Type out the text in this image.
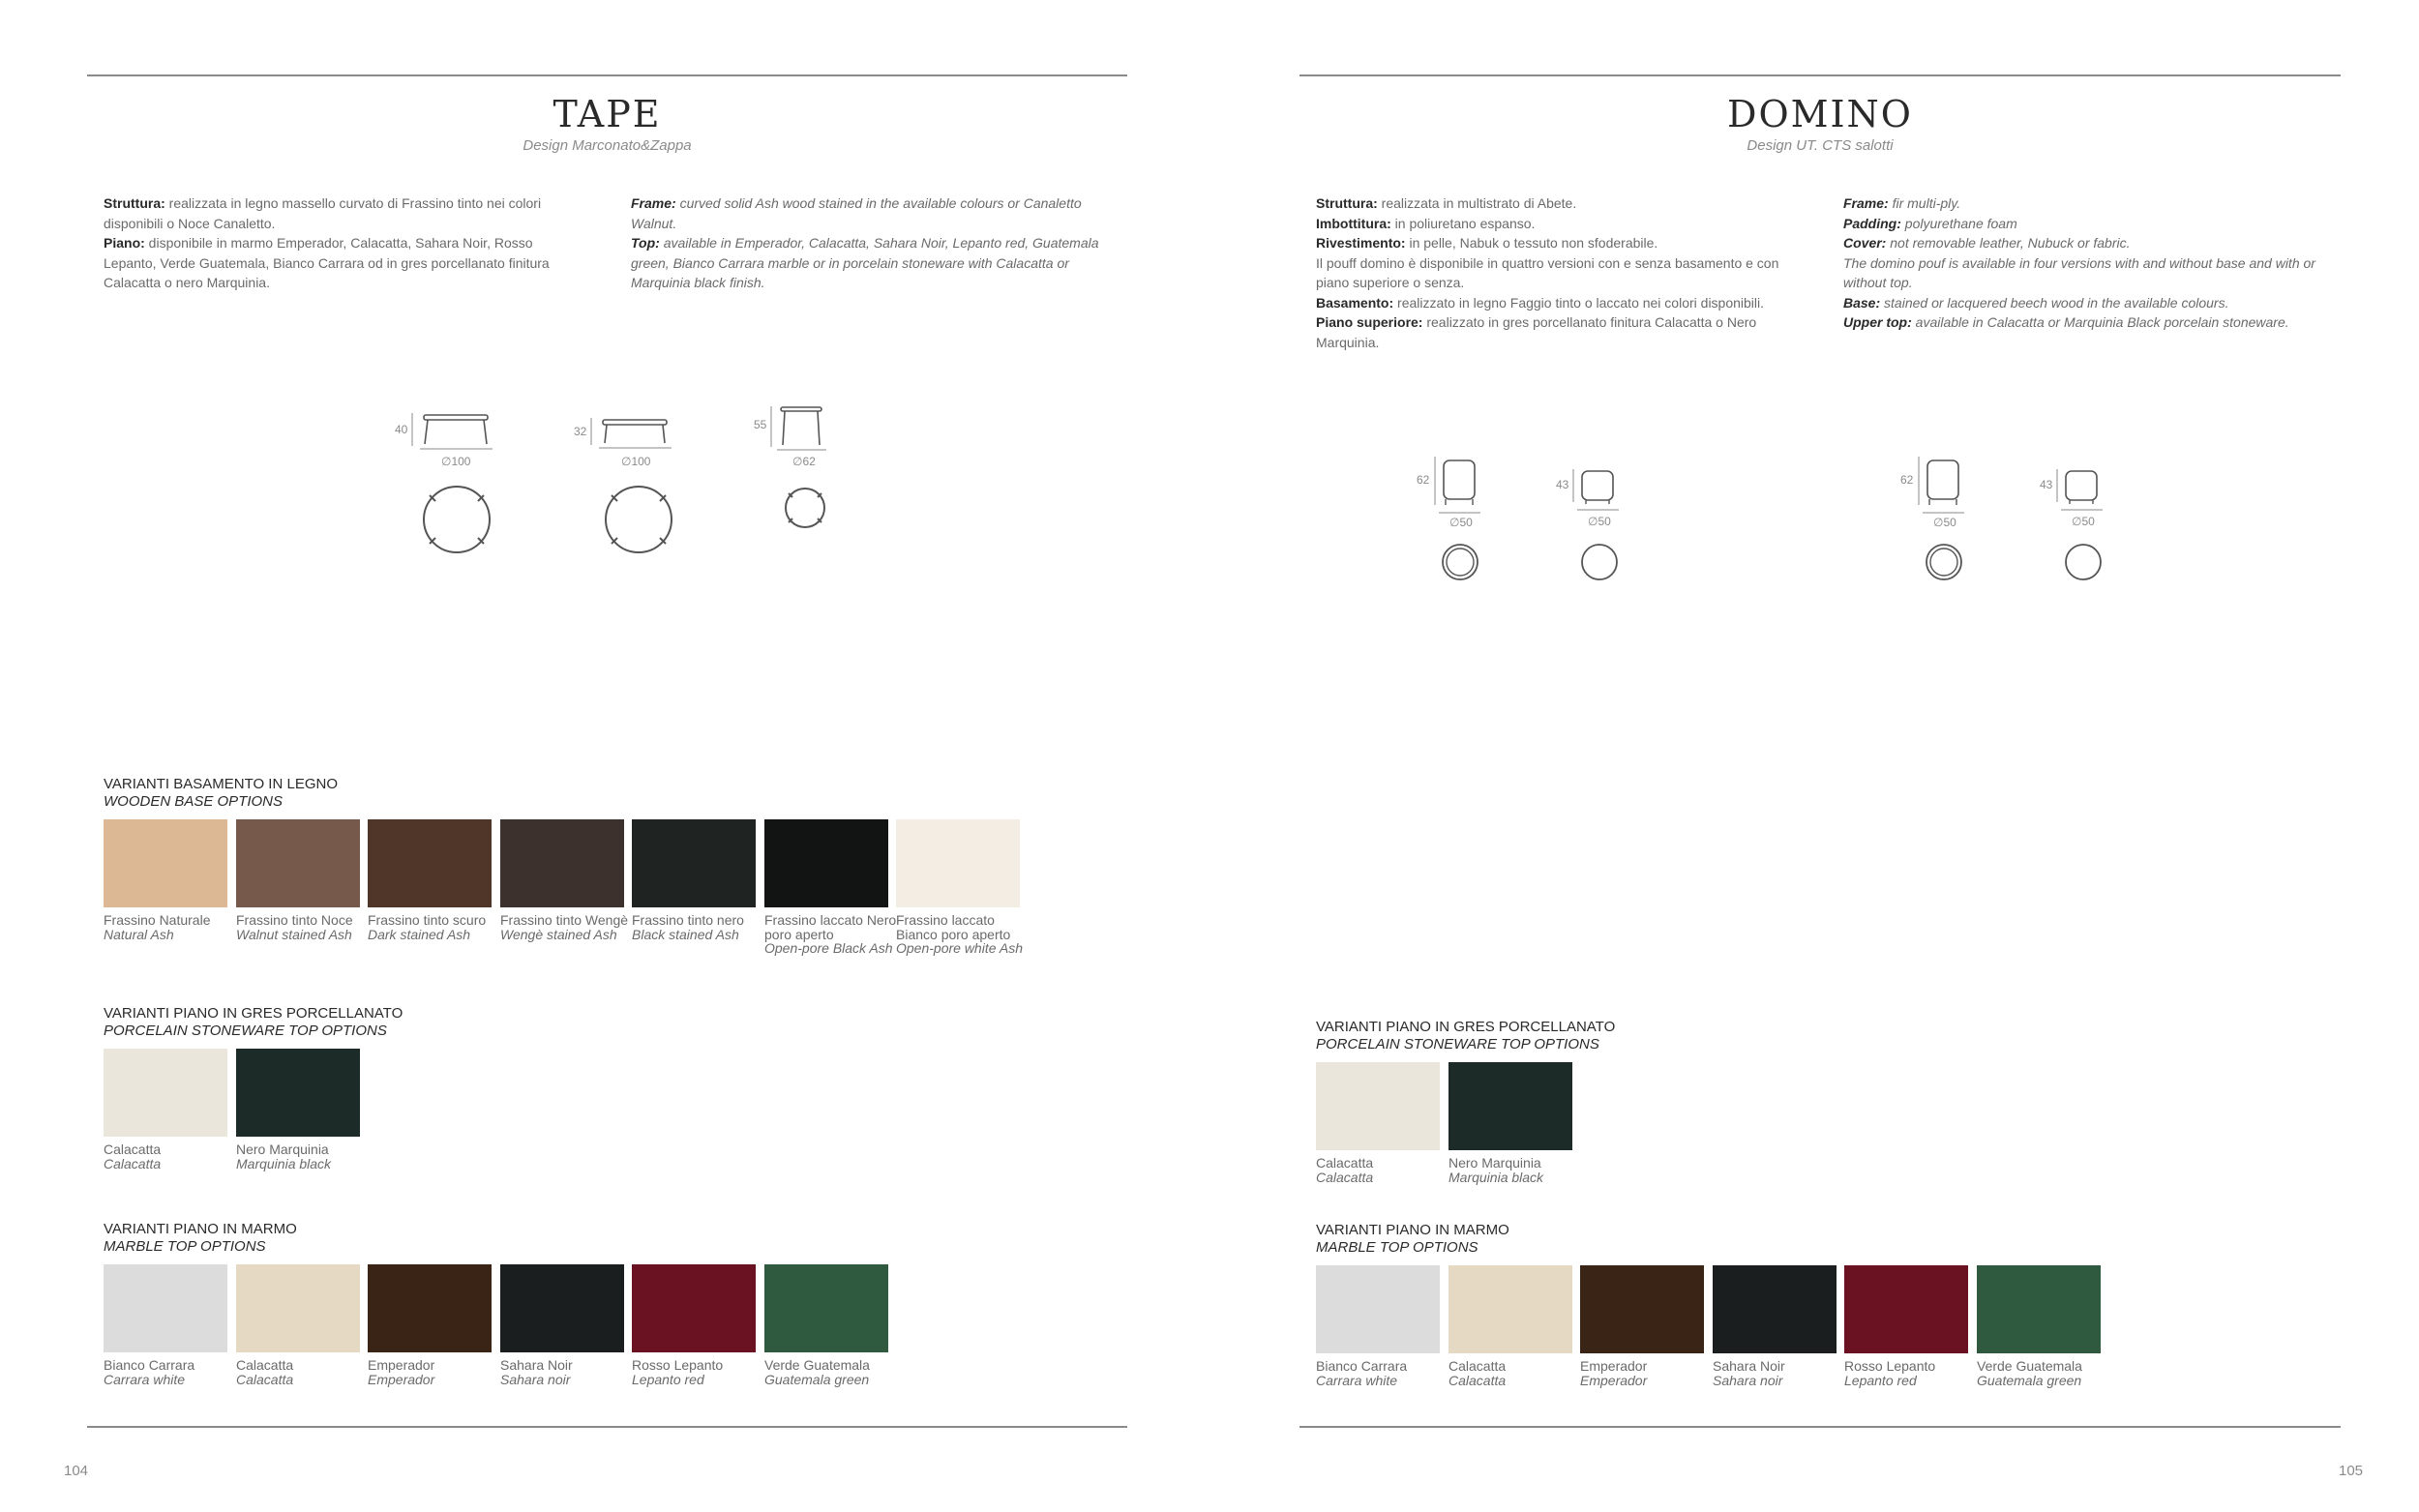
TAPE
Design Marconato&Zappa

Struttura: realizzata in legno massello curvato di Frassino tinto nei colori disponibili o Noce Canaletto.

Piano: disponibile in marmo Emperador, Calacatta, Sahara Noir, Rosso Lepanto, Verde Guatemala, Bianco Carrara od in gres porcellanato finitura Calacatta o nero Marquinia.

Frame: curved solid Ash wood stained in the available colours or Canaletto Walnut.

Top: available in Emperador, Calacatta, Sahara Noir, Lepanto red, Guatemala green, Bianco Carrara marble or in porcelain stoneware with Calacatta or Marquinia black finish.

40
∅100
32
∅100
55
∅62
VARIANTI BASAMENTO IN LEGNO
WOODEN BASE OPTIONS
Frassino Naturale
Natural Ash
Frassino tinto Noce
Walnut stained Ash
Frassino tinto scuro
Dark stained Ash
Frassino tinto Wengè
Wengè stained Ash
Frassino tinto nero
Black stained Ash
Frassino laccato Nero poro aperto
Open-pore Black Ash
Frassino laccato Bianco poro aperto
Open-pore white Ash
VARIANTI PIANO IN GRES PORCELLANATO
PORCELAIN STONEWARE TOP OPTIONS
Calacatta
Calacatta
Nero Marquinia
Marquinia black
VARIANTI PIANO IN MARMO
MARBLE TOP OPTIONS
Bianco Carrara
Carrara white
Calacatta
Calacatta
Emperador
Emperador
Sahara Noir
Sahara noir
Rosso Lepanto
Lepanto red
Verde Guatemala
Guatemala green
104
DOMINO
Design UT. CTS salotti

Struttura: realizzata in multistrato di Abete.

Imbottitura: in poliuretano espanso.

Rivestimento: in pelle, Nabuk o tessuto non sfoderabile.

Il pouff domino è disponibile in quattro versioni con e senza basamento e con piano superiore o senza.

Basamento: realizzato in legno Faggio tinto o laccato nei colori disponibili.

Piano superiore: realizzato in gres porcellanato finitura Calacatta o Nero Marquinia.

Frame: fir multi-ply.

Padding: polyurethane foam

Cover: not removable leather, Nubuck or fabric.

The domino pouf is available in four versions with and without base and with or without top.

Base: stained or lacquered beech wood in the available colours.

Upper top: available in Calacatta or Marquinia Black porcelain stoneware.

62
∅50
43
∅50
62
∅50
43
∅50
VARIANTI PIANO IN GRES PORCELLANATO
PORCELAIN STONEWARE TOP OPTIONS
Calacatta
Calacatta
Nero Marquinia
Marquinia black
VARIANTI PIANO IN MARMO
MARBLE TOP OPTIONS
Bianco Carrara
Carrara white
Calacatta
Calacatta
Emperador
Emperador
Sahara Noir
Sahara noir
Rosso Lepanto
Lepanto red
Verde Guatemala
Guatemala green
105
